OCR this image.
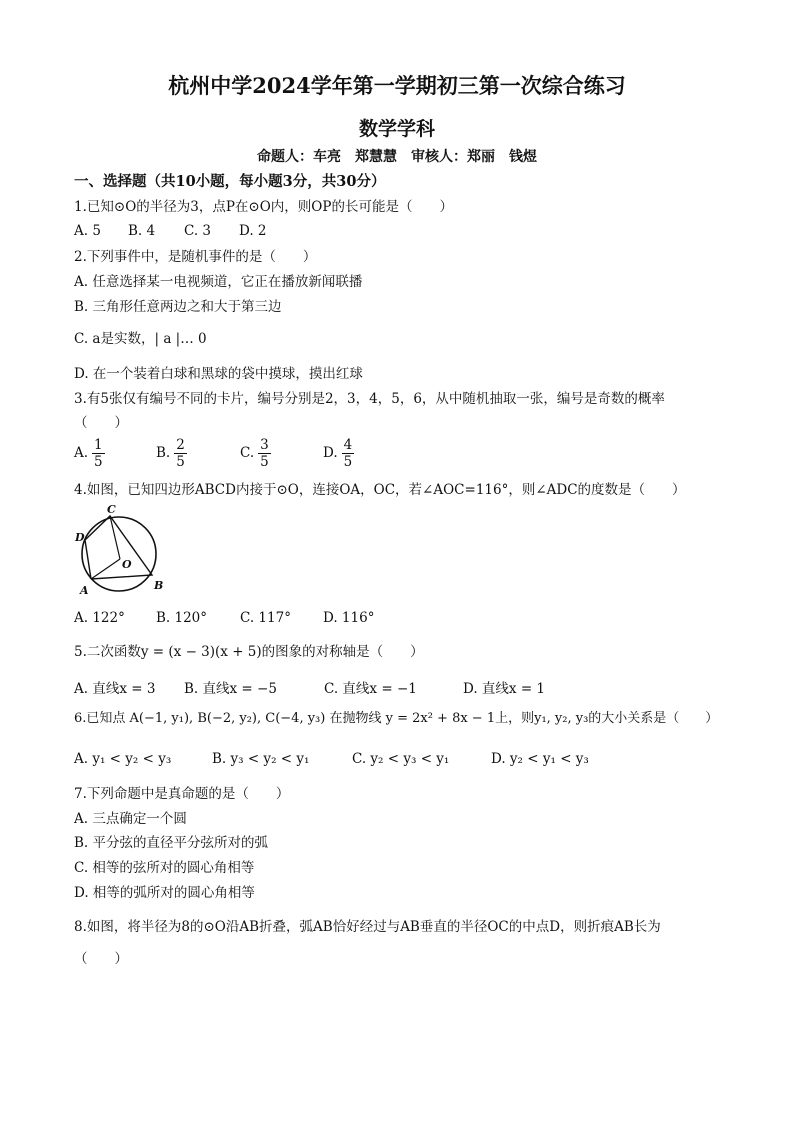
杭州中学2024学年第一学期初三第一次综合练习
数学学科
命题人：车亮　郑慧慧　审核人：郑丽　钱煜
一、选择题（共10小题，每小题3分，共30分）
1.已知⊙O的半径为3，点P在⊙O内，则OP的长可能是（　　）
A. 5 B. 4 C. 3 D. 2
2.下列事件中，是随机事件的是（　　）
A. 任意选择某一电视频道，它正在播放新闻联播
B. 三角形任意两边之和大于第三边
C. a是实数，| a |… 0
D. 在一个装着白球和黑球的袋中摸球，摸出红球
3.有5张仅有编号不同的卡片，编号分别是2，3，4，5，6，从中随机抽取一张，编号是奇数的概率
（　　）
A. $\frac{1}{5}$	B. $\frac{2}{5}$	C. $\frac{3}{5}$	D. $\frac{4}{5}$
4.如图，已知四边形ABCD内接于⊙O，连接OA，OC，若∠AOC=116°，则∠ADC的度数是（　　）
A	B
C
D
O
A. 122° B. 120° C. 117° D. 116°
5.二次函数y = (x − 3)(x + 5)的图象的对称轴是（　　）
A. 直线x = 3 B. 直线x = −5	C. 直线x = −1	D. 直线x = 1
6.已知点 A(−1, y₁), B(−2, y₂), C(−4, y₃) 在抛物线 y = 2x² + 8x − 1上，则y₁, y₂, y₃的大小关系是（　　）
A. y₁ < y₂ < y₃	B. y₃ < y₂ < y₁	C. y₂ < y₃ < y₁	D. y₂ < y₁ < y₃
7.下列命题中是真命题的是（　　）
A. 三点确定一个圆
B. 平分弦的直径平分弦所对的弧
C. 相等的弦所对的圆心角相等
D. 相等的弧所对的圆心角相等
8.如图，将半径为8的⊙O沿AB折叠，弧AB恰好经过与AB垂直的半径OC的中点D，则折痕AB长为
（　　）
